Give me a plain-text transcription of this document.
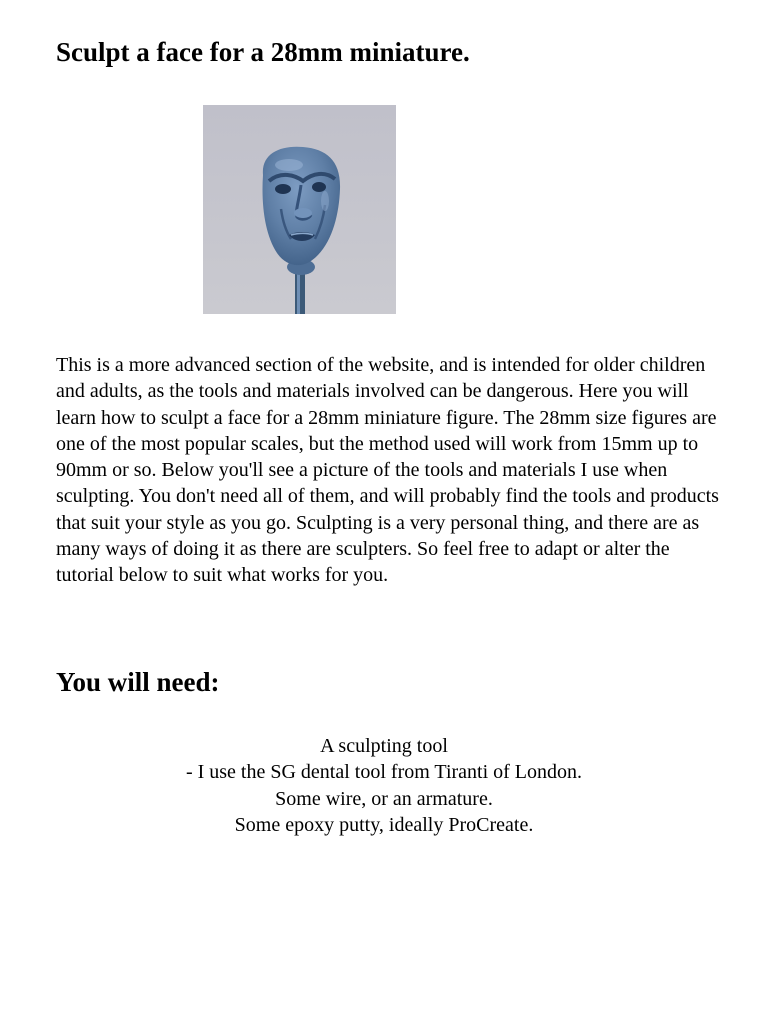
Sculpt a face for a 28mm miniature.

This is a more advanced section of the website, and is intended for older children and adults, as the tools and materials involved can be dangerous. Here you will learn how to sculpt a face for a 28mm miniature figure. The 28mm size figures are one of the most popular scales, but the method used will work from 15mm up to 90mm or so. Below you'll see a picture of the tools and materials I use when sculpting. You don't need all of them, and will probably find the tools and products that suit your style as you go. Sculpting is a very personal thing, and there are as many ways of doing it as there are sculpters. So feel free to adapt or alter the tutorial below to suit what works for you.

You will need:
A sculpting tool
- I use the SG dental tool from Tiranti of London.
Some wire, or an armature.
Some epoxy putty, ideally ProCreate.
